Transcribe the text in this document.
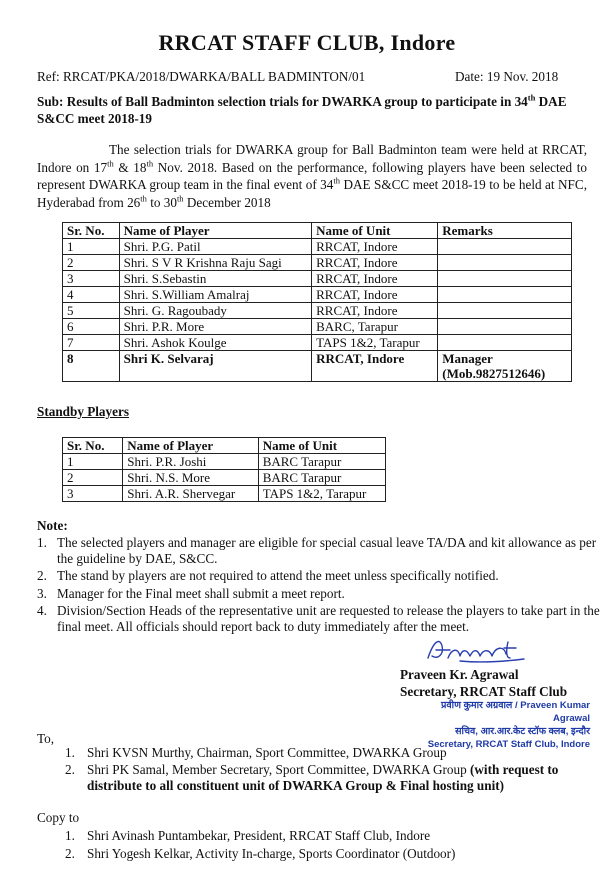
RRCAT STAFF CLUB, Indore
Ref: RRCAT/PKA/2018/DWARKA/BALL BADMINTON/01	Date: 19 Nov. 2018
Sub: Results of Ball Badminton selection trials for DWARKA group to participate in 34th DAE S&CC meet 2018-19
The selection trials for DWARKA group for Ball Badminton team were held at RRCAT, Indore on 17th & 18th Nov. 2018. Based on the performance, following players have been selected to represent DWARKA group team in the final event of 34th DAE S&CC meet 2018-19 to be held at NFC, Hyderabad from 26th to 30th December 2018
Sr. No.	Name of Player	Name of Unit	Remarks
1	Shri. P.G. Patil	RRCAT, Indore	
2	Shri. S V R Krishna Raju Sagi	RRCAT, Indore	
3	Shri. S.Sebastin	RRCAT, Indore	
4	Shri. S.William Amalraj	RRCAT, Indore	
5	Shri. G. Ragoubady	RRCAT, Indore	
6	Shri. P.R. More	BARC, Tarapur	
7	Shri. Ashok Koulge	TAPS 1&2, Tarapur	
8	Shri K. Selvaraj	RRCAT, Indore	Manager
(Mob.9827512646)
Standby Players
Sr. No.	Name of Player	Name of Unit
1	Shri. P.R. Joshi	BARC Tarapur
2	Shri. N.S. More	BARC Tarapur
3	Shri. A.R. Shervegar	TAPS 1&2, Tarapur
Note:
1. The selected players and manager are eligible for special casual leave TA/DA and kit allowance as per the guideline by DAE, S&CC.
2. The stand by players are not required to attend the meet unless specifically notified.
3. Manager for the Final meet shall submit a meet report.
4. Division/Section Heads of the representative unit are requested to release the players to take part in the final meet. All officials should report back to duty immediately after the meet.
Praveen Kr. Agrawal
Secretary, RRCAT Staff Club
प्रवीण कुमार अग्रवाल / Praveen Kumar Agrawal
सचिव, आर.आर.केट स्टॉफ क्लब, इन्दौर
Secretary, RRCAT Staff Club, Indore
To,
1. Shri KVSN Murthy, Chairman, Sport Committee, DWARKA Group
2. Shri PK Samal, Member Secretary, Sport Committee, DWARKA Group (with request to distribute to all constituent unit of DWARKA Group & Final hosting unit)
Copy to
1. Shri Avinash Puntambekar, President, RRCAT Staff Club, Indore
2. Shri Yogesh Kelkar, Activity In-charge, Sports Coordinator (Outdoor)
